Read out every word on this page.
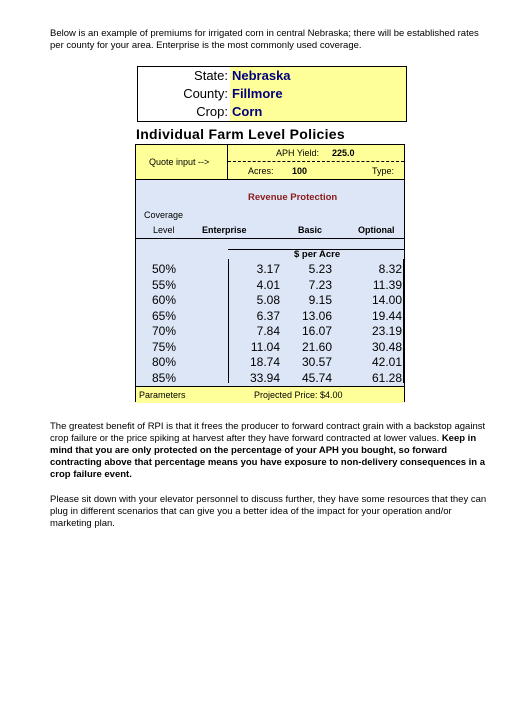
Below is an example of premiums for irrigated corn in central Nebraska; there will be established rates per county for your area. Enterprise is the most commonly used coverage.
State: Nebraska
County: Fillmore
Crop: Corn
Individual Farm Level Policies
Quote input -->
APH Yield: 225.0
Acres: 100	Type:
Revenue Protection
Coverage
Level	Enterprise	Basic	Optional
$ per Acre
50%	3.17	5.23	8.32
55%	4.01	7.23	11.39
60%	5.08	9.15	14.00
65%	6.37	13.06	19.44
70%	7.84	16.07	23.19
75%	11.04	21.60	30.48
80%	18.74	30.57	42.01
85%	33.94	45.74	61.28
Parameters	Projected Price: $4.00
The greatest benefit of RPI is that it frees the producer to forward contract grain with a backstop against crop failure or the price spiking at harvest after they have forward contracted at lower values. Keep in mind that you are only protected on the percentage of your APH you bought, so forward contracting above that percentage means you have exposure to non-delivery consequences in a crop failure event.
Please sit down with your elevator personnel to discuss further, they have some resources that they can plug in different scenarios that can give you a better idea of the impact for your operation and/or marketing plan.
